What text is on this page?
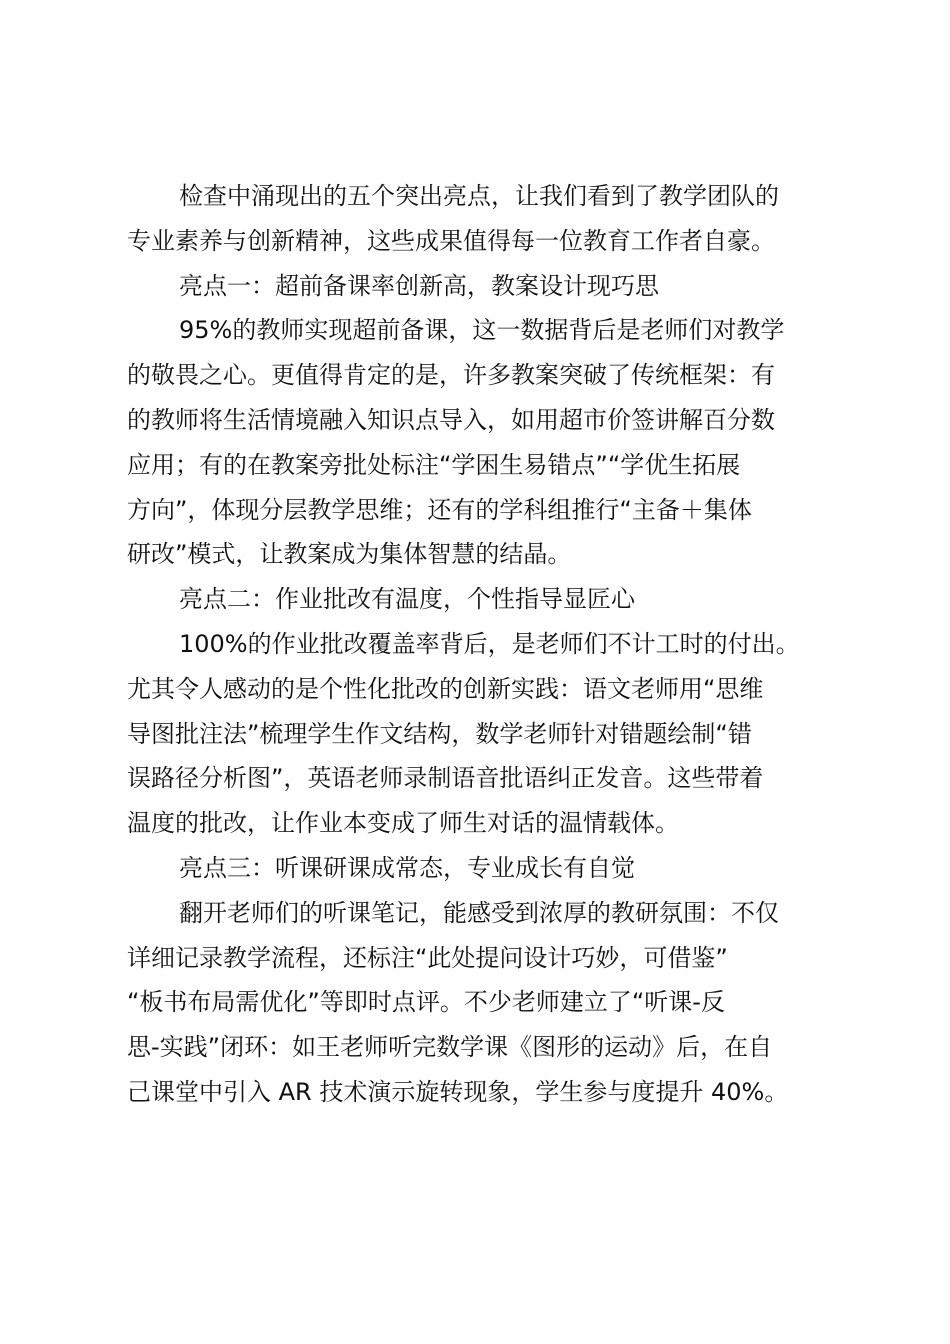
检查中涌现出的五个突出亮点，让我们看到了教学团队的
专业素养与创新精神，这些成果值得每一位教育工作者自豪。
亮点一：超前备课率创新高，教案设计现巧思
95%的教师实现超前备课，这一数据背后是老师们对教学
的敬畏之心。更值得肯定的是，许多教案突破了传统框架：有
的教师将生活情境融入知识点导入，如用超市价签讲解百分数
应用；有的在教案旁批处标注“学困生易错点”“学优生拓展
方向”，体现分层教学思维；还有的学科组推行“主备＋集体
研改”模式，让教案成为集体智慧的结晶。
亮点二：作业批改有温度，个性指导显匠心
100%的作业批改覆盖率背后，是老师们不计工时的付出。
尤其令人感动的是个性化批改的创新实践：语文老师用“思维
导图批注法”梳理学生作文结构，数学老师针对错题绘制“错
误路径分析图”，英语老师录制语音批语纠正发音。这些带着
温度的批改，让作业本变成了师生对话的温情载体。
亮点三：听课研课成常态，专业成长有自觉
翻开老师们的听课笔记，能感受到浓厚的教研氛围：不仅
详细记录教学流程，还标注“此处提问设计巧妙，可借鉴”
“板书布局需优化”等即时点评。不少老师建立了“听课-反
思-实践”闭环：如王老师听完数学课《图形的运动》后，在自
己课堂中引入 AR 技术演示旋转现象，学生参与度提升 40%。
